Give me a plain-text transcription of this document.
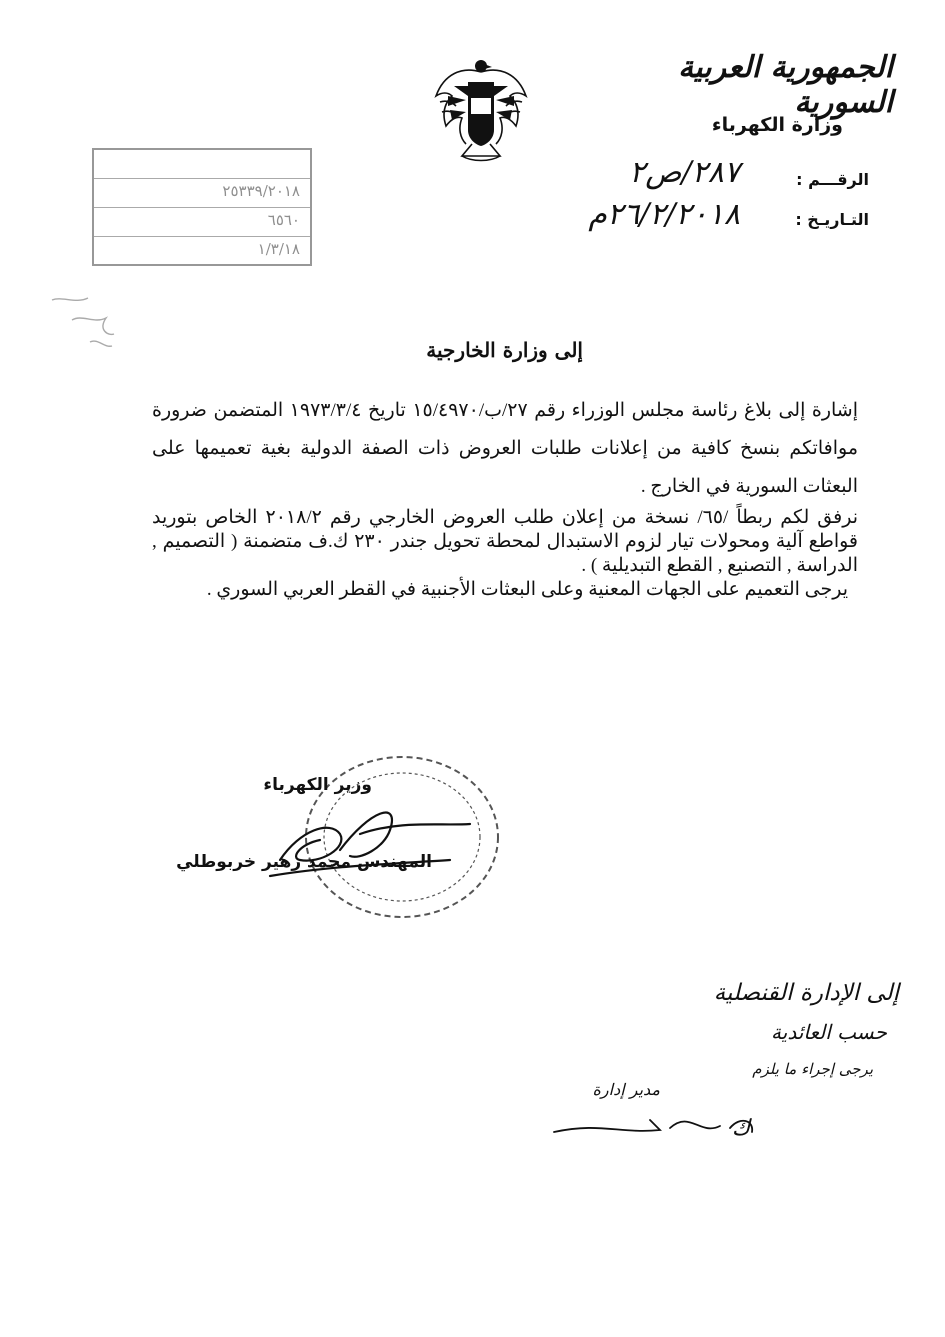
الجمهورية العربية السورية
وزارة الكهرباء
الرقـــم :
التـاريـخ :
٢٨٧/ص٢
٢٦/٢/٢٠١٨م
٢٥٣٣٩/٢٠١٨
٦٥٦٠
١/٣/١٨
إلى وزارة الخارجية

إشارة إلى بلاغ رئاسة مجلس الوزراء رقم ٢٧/ب/١٥/٤٩٧٠ تاريخ ١٩٧٣/٣/٤ المتضمن ضرورة موافاتكم بنسخ كافية من إعلانات طلبات العروض ذات الصفة الدولية بغية تعميمها على البعثات السورية في الخارج .

نرفق لكم ربطاً /٦٥/ نسخة من إعلان طلب العروض الخارجي رقم ٢٠١٨/٢ الخاص بتوريد قواطع آلية ومحولات تيار لزوم الاستبدال لمحطة تحويل جندر ٢٣٠ ك.ف متضمنة ( التصميم , الدراسة , التصنيع , القطع التبديلية ) .

يرجى التعميم على الجهات المعنية وعلى البعثات الأجنبية في القطر العربي السوري .

وزير الكهرباء
المهندس محمد زهير خربوطلي
إلى الإدارة القنصلية
حسب العائدية
يرجى إجراء ما يلزم
مدير إدارة
ك
